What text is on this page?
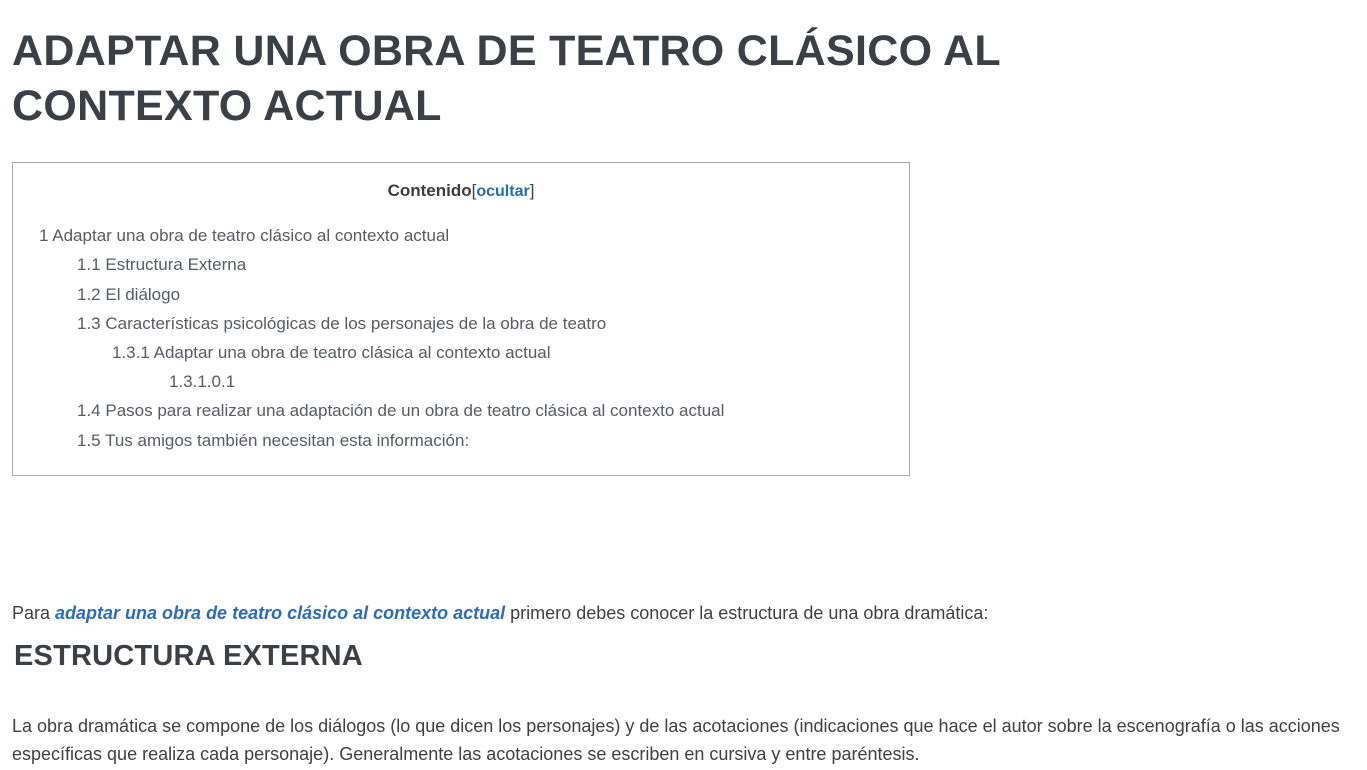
ADAPTAR UNA OBRA DE TEATRO CLÁSICO AL CONTEXTO ACTUAL
Contenido[ocultar]
1 Adaptar una obra de teatro clásico al contexto actual
1.1 Estructura Externa
1.2 El diálogo
1.3 Características psicológicas de los personajes de la obra de teatro
1.3.1 Adaptar una obra de teatro clásica al contexto actual
1.3.1.0.1
1.4 Pasos para realizar una adaptación de un obra de teatro clásica al contexto actual
1.5 Tus amigos también necesitan esta información:

Para adaptar una obra de teatro clásico al contexto actual primero debes conocer la estructura de una obra dramática:

ESTRUCTURA EXTERNA

La obra dramática se compone de los diálogos (lo que dicen los personajes) y de las acotaciones (indicaciones que hace el autor sobre la escenografía o las acciones específicas que realiza cada personaje). Generalmente las acotaciones se escriben en cursiva y entre paréntesis.
